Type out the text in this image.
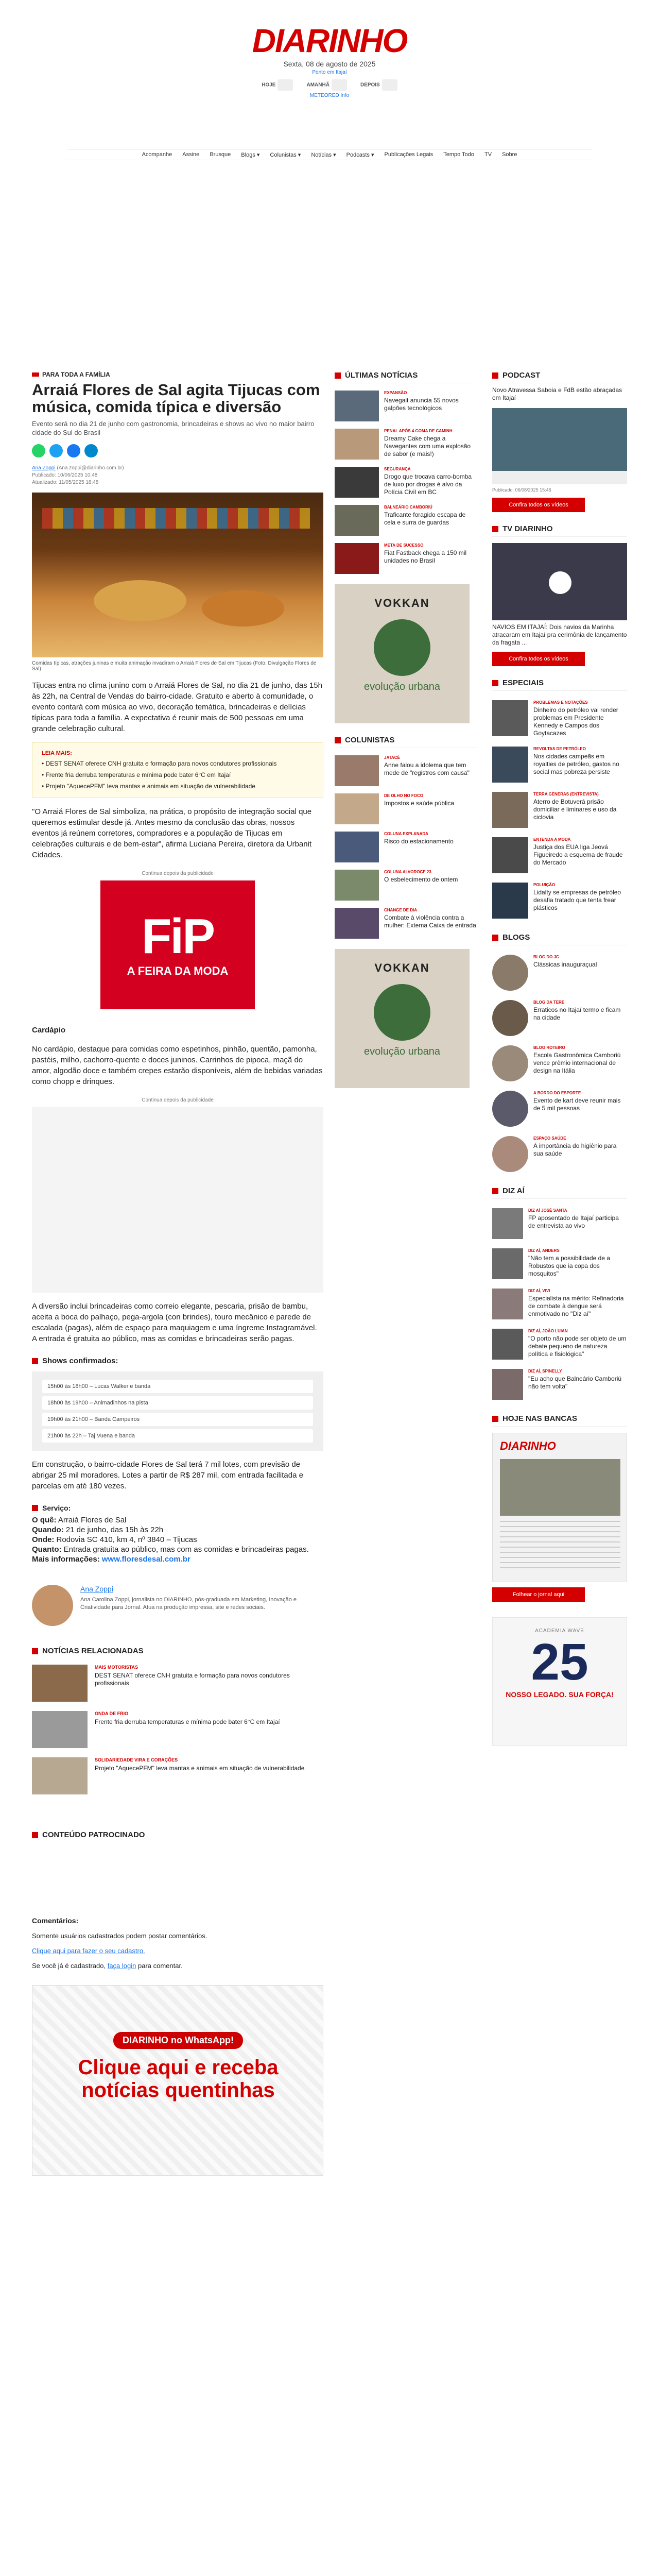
DIARINHO
Sexta, 08 de agosto de 2025
Ponto em Itajaí
HOJE	AMANHÃ	DEPOIS
METEORED Info
Acompanhe Assine Brusque Blogs ▾ Colunistas ▾ Notícias ▾ Podcasts ▾ Publicações Legais Tempo Todo TV Sobre
PARA TODA A FAMÍLIA
Arraiá Flores de Sal agita Tijucas com música, comida típica e diversão
Evento será no dia 21 de junho com gastronomia, brincadeiras e shows ao vivo no maior bairro cidade do Sul do Brasil
Ana Zoppi (Ana.zoppi@diarinho.com.br)
Publicado: 10/06/2025 10:48
Atualizado: 11/05/2025 18:48
Comidas típicas, atrações juninas e muita animação invadiram o Arraiá Flores de Sal em Tijucas (Foto: Divulgação Flores de Sal)

Tijucas entra no clima junino com o Arraiá Flores de Sal, no dia 21 de junho, das 15h às 22h, na Central de Vendas do bairro-cidade. Gratuito e aberto à comunidade, o evento contará com música ao vivo, decoração temática, brincadeiras e delícias típicas para toda a família. A expectativa é reunir mais de 500 pessoas em uma grande celebração cultural.

LEIA MAIS:
• DEST SENAT oferece CNH gratuita e formação para novos condutores profissionais
• Frente fria derruba temperaturas e mínima pode bater 6°C em Itajaí
• Projeto "AquecePFM" leva mantas e animais em situação de vulnerabilidade

"O Arraiá Flores de Sal simboliza, na prática, o propósito de integração social que queremos estimular desde já. Antes mesmo da conclusão das obras, nossos eventos já reúnem corretores, compradores e a população de Tijucas em celebrações culturais e de bem-estar", afirma Luciana Pereira, diretora da Urbanit Cidades.

Continua depois da publicidade
FiP
A FEIRA DA MODA
Cardápio

No cardápio, destaque para comidas como espetinhos, pinhão, quentão, pamonha, pastéis, milho, cachorro-quente e doces juninos. Carrinhos de pipoca, maçã do amor, algodão doce e também crepes estarão disponíveis, além de bebidas variadas como chopp e drinques.

Continua depois da publicidade

A diversão inclui brincadeiras como correio elegante, pescaria, prisão de bambu, aceita a boca do palhaço, pega-argola (con brindes), touro mecânico e parede de escalada (pagas), além de espaço para maquiagem e uma íngreme Instagramável. A entrada é gratuita ao público, mas as comidas e brincadeiras serão pagas.

Shows confirmados:
15h00 às 18h00 – Lucas Walker e banda
18h00 às 19h00 – Animadinhos na pista
19h00 às 21h00 – Banda Campeiros
21h00 às 22h – Taj Vuena e banda

Em construção, o bairro-cidade Flores de Sal terá 7 mil lotes, com previsão de abrigar 25 mil moradores. Lotes a partir de R$ 287 mil, com entrada facilitada e parcelas em até 180 vezes.

Serviço:
O quê: Arraiá Flores de Sal
Quando: 21 de junho, das 15h às 22h
Onde: Rodovia SC 410, km 4, nº 3840 – Tijucas
Quanto: Entrada gratuita ao público, mas com as comidas e brincadeiras pagas.
Mais informações: www.floresdesal.com.br
Ana Zoppi
Ana Carolina Zoppi, jornalista no DIARINHO, pós-graduada em Marketing, Inovação e Criatividade para Jornal. Atua na produção impressa, site e redes sociais.
NOTÍCIAS RELACIONADAS
MAIS MOTORISTAS
DEST SENAT oferece CNH gratuita e formação para novos condutores profissionais
ONDA DE FRIO
Frente fria derruba temperaturas e mínima pode bater 6°C em Itajaí
SOLIDARIEDADE VIRA E CORAÇÕES
Projeto "AquecePFM" leva mantas e animais em situação de vulnerabilidade
CONTEÚDO PATROCINADO
Comentários:

Somente usuários cadastrados podem postar comentários.

Clique aqui para fazer o seu cadastro.

Se você já é cadastrado, faça login para comentar.

DIARINHO no WhatsApp!
Clique aqui e receba notícias quentinhas
ÚLTIMAS NOTÍCIAS
EXPANSÃO
Navegait anuncia 55 novos galpões tecnológicos
PENAL APÓS 4 GOMA DE CAMINH
Dreamy Cake chega a Navegantes com uma explosão de sabor (e mais!)
SEGURANÇA
Drogo que trocava carro-bomba de luxo por drogas é alvo da Polícia Civil em BC
BALNEÁRIO CAMBORIÚ
Traficante foragido escapa de cela e surra de guardas
META DE SUCESSO
Fiat Fastback chega a 150 mil unidades no Brasil
VOKKAN
evolução urbana
COLUNISTAS
JATACÉ
Anne falou a idolema que tem mede de "registros com causa"
DE OLHO NO FOCO
Impostos e saúde pública
COLUNA EXPLANADA
Risco do estacionamento
COLUNA ALVOROCE 23
O esbelecimento de ontem
CHANGE DE DIA
Combate à violência contra a mulher: Extema Caixa de entrada
VOKKAN
evolução urbana
PODCAST
Novo Atravessa Saboia e FdB estão abraçadas em Itajaí
Publicado: 06/08/2025 15:46
Confira todos os vídeos
TV DIARINHO
NAVIOS EM ITAJAÍ: Dois navios da Marinha atracaram em Itajaí pra cerimônia de lançamento da fragata ...
Confira todos os vídeos
ESPECIAIS
PROBLEMAS E NOTAÇÕES
Dinheiro do petróleo vai render problemas em Presidente Kennedy e Campos dos Goytacazes
REVOLTAS DE PETRÓLEO
Nos cidades campeãs em royalties de petróleo, gastos no social mas pobreza persiste
TERRA GENERAS (ENTREVISTA)
Aterro de Botuverá prisão domiciliar e liminares e uso da ciclovia
ENTENDA A MODA
Justiça dos EUA liga Jeová Figueiredo a esquema de fraude do Mercado
POLUIÇÃO
Lidalty se empresas de petróleo desafia tratado que tenta frear plásticos
BLOGS
BLOG DO JC
Clássicas inauguraçual
BLOG DA TERE
Erraticos no Itajaí termo e ficam na cidade
BLOG ROTEIRO
Escola Gastronômica Camboriú vence prêmio internacional de design na Itália
A BORDO DO ESPORTE
Evento de kart deve reunir mais de 5 mil pessoas
ESPAÇO SAÚDE
A importância do higiênio para sua saúde
DIZ AÍ
DIZ AÍ JOSÉ SANTA
FP aposentado de Itajaí participa de entrevista ao vivo
DIZ AÍ, ANDERS
"Não tem a possibilidade de a Robustos que ia copa dos mosquitos"
DIZ AÍ, VIVI
Especialista na mérito: Refinadoria de combate à dengue será enmotivado no "Diz aí"
DIZ AÍ, JOÃO LUIAN
"O porto não pode ser objeto de um debate pequeno de natureza política e fisiológica"
DIZ AÍ, SPINELLY
"Eu acho que Balneário Camboriú não tem volta"
HOJE NAS BANCAS
DIARINHO
Folhear o jornal aqui
ACADEMIA WAVE
25
NOSSO LEGADO. SUA FORÇA!
